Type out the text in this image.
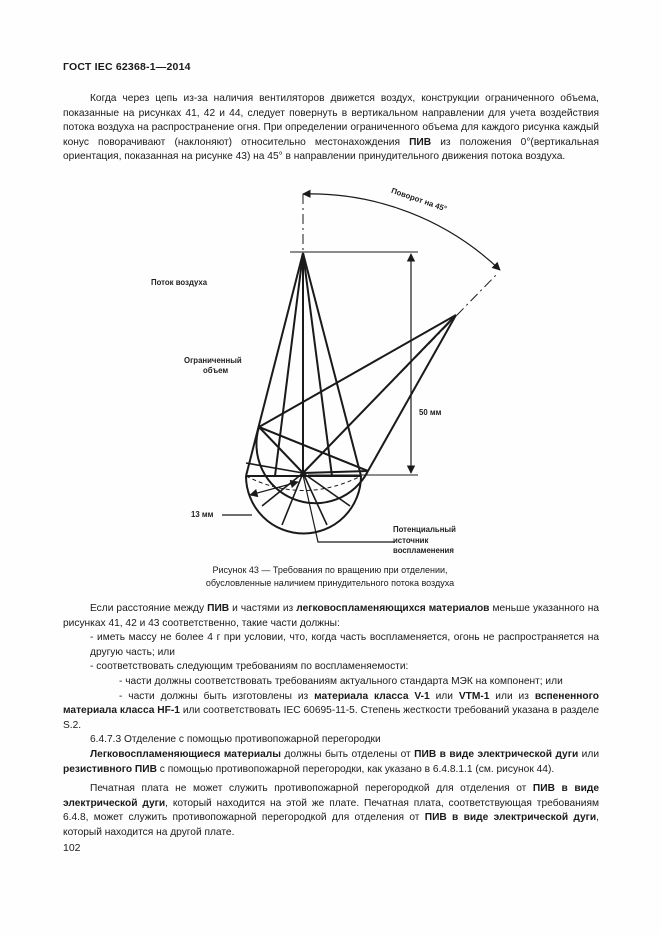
ГОСТ IEC 62368-1—2014
Когда через цепь из-за наличия вентиляторов движется воздух, конструкции ограниченного объема, показанные на рисунках 41, 42 и 44, следует повернуть в вертикальном направлении для учета воздействия потока воздуха на распространение огня. При определении ограниченного объема для каждого рисунка каждый конус поворачивают (наклоняют) относительно местонахождения ПИВ из положения 0°(вертикальная ориентация, показанная на рисунке 43) на 45° в направлении принудительного движения потока воздуха.
Поток воздуха
Ограниченный
объем
50 мм
13 мм
Потенциальный
источник
воспламенения
Поворот на 45°
Рисунок 43 — Требования по вращению при отделении,
обусловленные наличием принудительного потока воздуха
Если расстояние между ПИВ и частями из легковоспламеняющихся материалов меньше указанного на рисунках 41, 42 и 43 соответственно, такие части должны:
- иметь массу не более 4 г при условии, что, когда часть воспламеняется, огонь не распространяется на другую часть; или
- соответствовать следующим требованиям по воспламеняемости:
- части должны соответствовать требованиям актуального стандарта МЭК на компонент; или
- части должны быть изготовлены из материала класса V-1 или VTM-1 или из вспененного материала класса HF-1 или соответствовать IEC 60695-11-5. Степень жесткости требований указана в разделе S.2.
6.4.7.3 Отделение с помощью противопожарной перегородки
Легковоспламеняющиеся материалы должны быть отделены от ПИВ в виде электрической дуги или резистивного ПИВ с помощью противопожарной перегородки, как указано в 6.4.8.1.1 (см. рисунок 44).
Печатная плата не может служить противопожарной перегородкой для отделения от ПИВ в виде электрической дуги, который находится на этой же плате. Печатная плата, соответствующая требованиям 6.4.8, может служить противопожарной перегородкой для отделения от ПИВ в виде электрической дуги, который находится на другой плате.
102
